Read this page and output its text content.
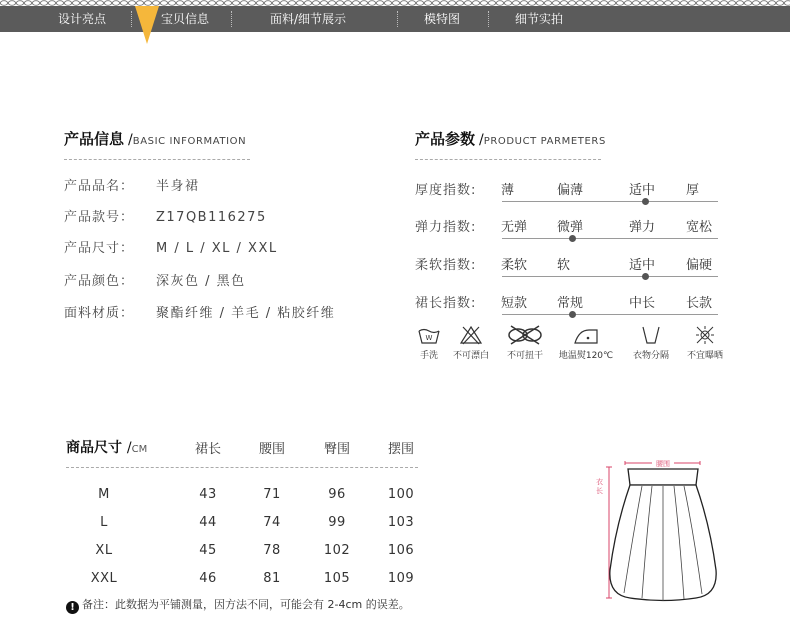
设计亮点	宝贝信息	面料/细节展示	模特图	细节实拍
产品信息 /BASIC INFORMATION
产品品名： 半身裙
产品款号： Z17QB116275
产品尺寸： M / L / XL / XXL
产品颜色： 深灰色 / 黑色
面料材质： 聚酯纤维 / 羊毛 / 粘胶纤维
产品参数 /PRODUCT PARMETERS
厚度指数: 薄	偏薄	适中 厚
弹力指数: 无弹 微弹	弹力 宽松
柔软指数: 柔软 软	适中 偏硬
裙长指数: 短款 常规	中长 长款
W
手洗	不可漂白	不可扭干	地温熨120℃	衣物分隔	不宜曝晒
商品尺寸 /CM	裙长	腰围	臀围	摆围
M	43	71	96	100
L	44	74	99	103
XL	45	78	102	106
XXL	46	81	105	109
! 备注：此数据为平铺测量，因方法不同，可能会有 2-4cm 的误差。
腰围
衣长
